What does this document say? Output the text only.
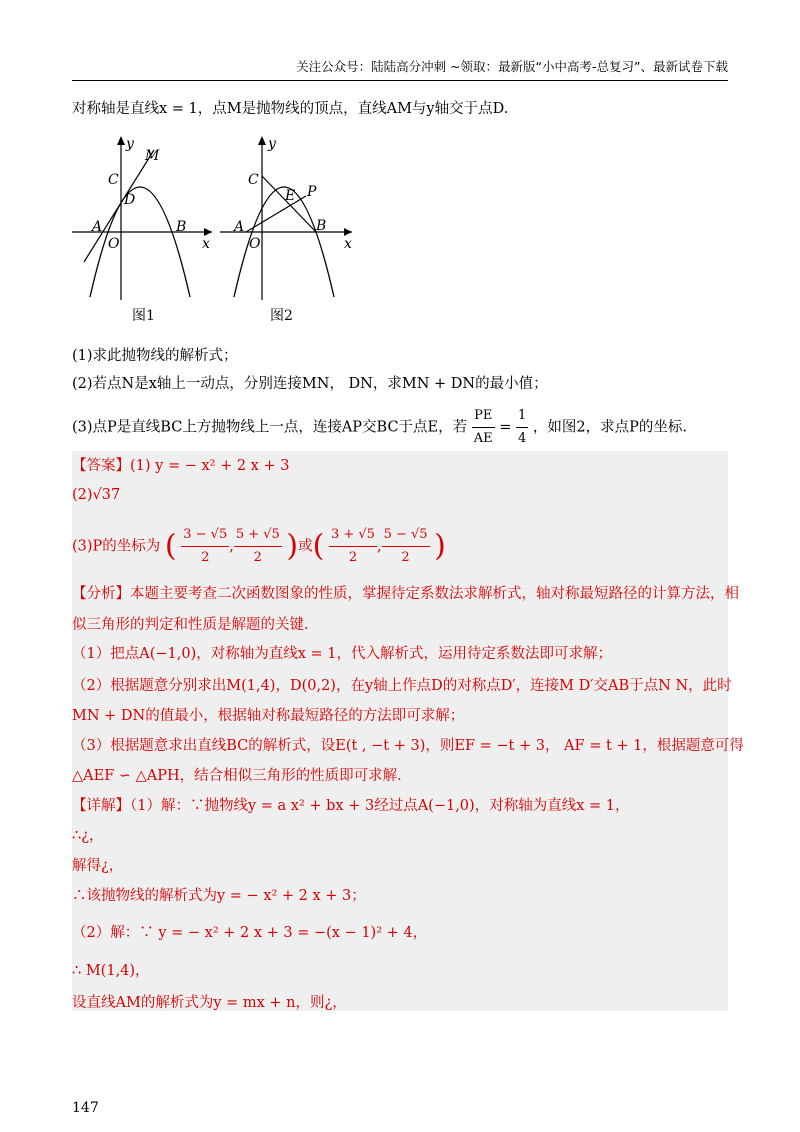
关注公众号：陆陆高分冲刺 ~领取：最新版“小中高考-总复习”、最新试卷下载
对称轴是直线x = 1，点M是抛物线的顶点，直线AM与y轴交于点D.
y
M
C
D
A
O
B
x
图1
y
C
E P
A
O
B
x
图2
(1)求此抛物线的解析式；
(2)若点N是x轴上一动点，分别连接MN， DN，求MN + DN的最小值；
(3)点P是直线BC上方抛物线上一点，连接AP交BC于点E，若 $\frac{PE}{AE} = \frac{1}{4}$ ，如图2，求点P的坐标.
【答案】(1) y = − x² + 2 x + 3
(2)√37
(3)P的坐标为 ( $\frac{3 - √5}{2}$ , $\frac{5 + √5}{2}$ )或( $\frac{3 + √5}{2}$ , $\frac{5 - √5}{2}$ )
【分析】本题主要考查二次函数图象的性质，掌握待定系数法求解析式，轴对称最短路径的计算方法，相
似三角形的判定和性质是解题的关键.
（1）把点A(−1,0)，对称轴为直线x = 1，代入解析式，运用待定系数法即可求解；
（2）根据题意分别求出M(1,4)，D(0,2)，在y轴上作点D的对称点D′，连接M D′交AB于点N N，此时
MN + DN的值最小，根据轴对称最短路径的方法即可求解；
（3）根据题意求出直线BC的解析式，设E(t , −t + 3)，则EF = −t + 3， AF = t + 1，根据题意可得
△AEF ∽ △APH，结合相似三角形的性质即可求解.
【详解】（1）解：∵抛物线y = a x² + bx + 3经过点A(−1,0)，对称轴为直线x = 1，
∴¿，
解得¿，
∴该抛物线的解析式为y = − x² + 2 x + 3；
（2）解：∵ y = − x² + 2 x + 3 = −(x − 1)² + 4，
∴ M(1,4)，
设直线AM的解析式为y = mx + n，则¿，
147
